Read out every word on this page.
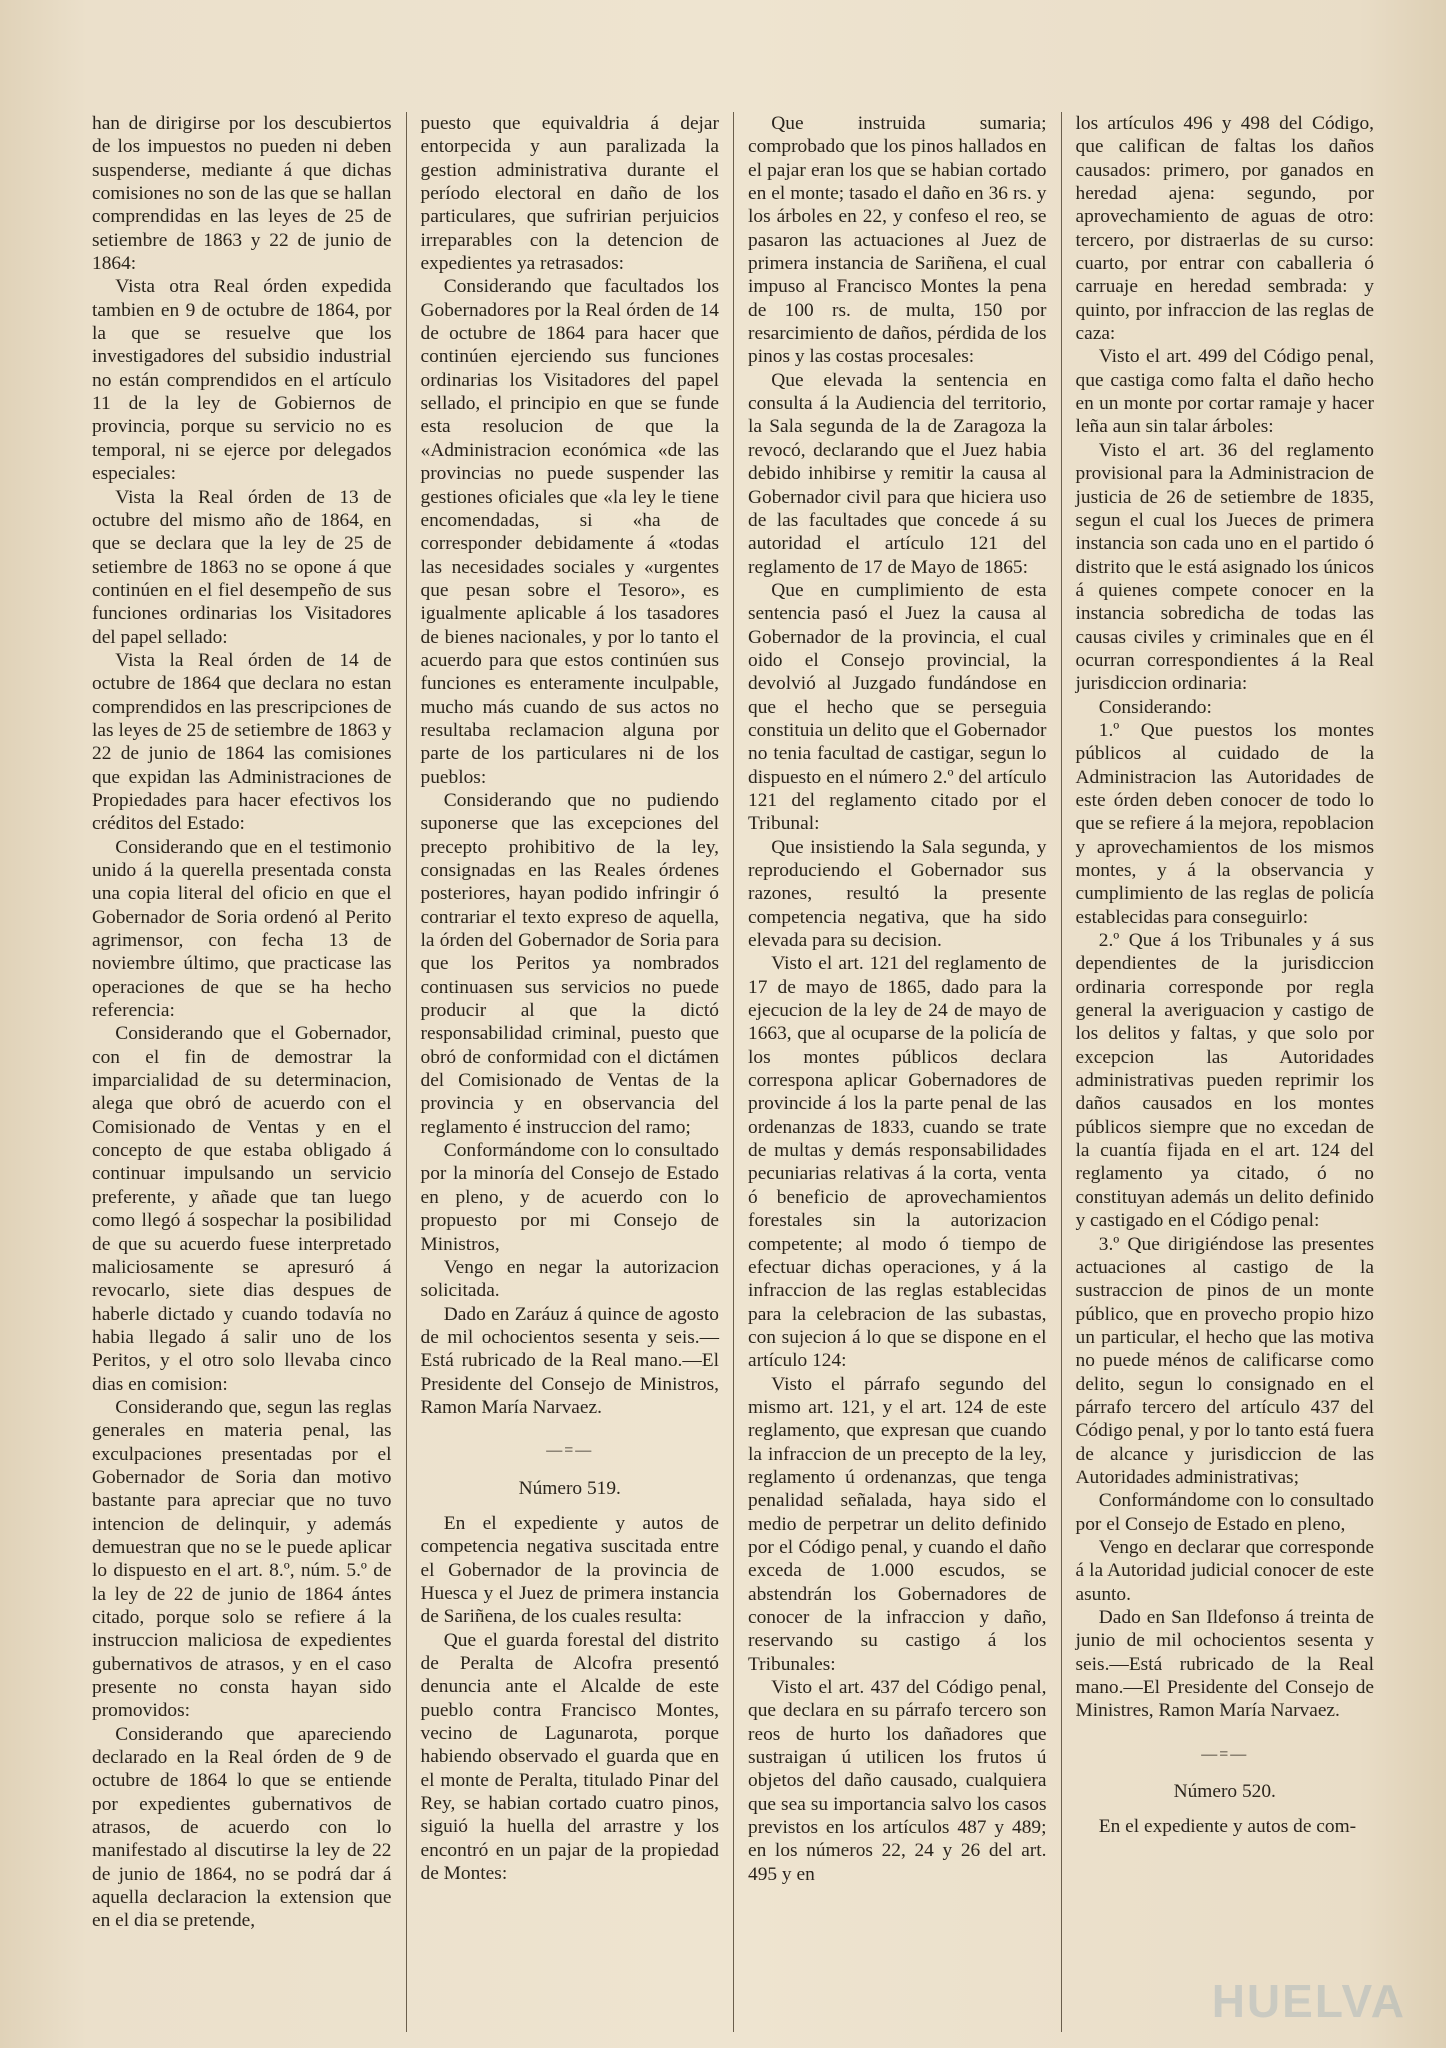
han de dirigirse por los descubiertos de los impuestos no pueden ni deben suspenderse, mediante á que dichas comisiones no son de las que se hallan comprendidas en las leyes de 25 de setiembre de 1863 y 22 de junio de 1864:

Vista otra Real órden expedida tambien en 9 de octubre de 1864, por la que se resuelve que los investigadores del subsidio industrial no están comprendidos en el artículo 11 de la ley de Gobiernos de provincia, porque su servicio no es temporal, ni se ejerce por delegados especiales:

Vista la Real órden de 13 de octubre del mismo año de 1864, en que se declara que la ley de 25 de setiembre de 1863 no se opone á que continúen en el fiel desempeño de sus funciones ordinarias los Visitadores del papel sellado:

Vista la Real órden de 14 de octubre de 1864 que declara no estan comprendidos en las prescripciones de las leyes de 25 de setiembre de 1863 y 22 de junio de 1864 las comisiones que expidan las Administraciones de Propiedades para hacer efectivos los créditos del Estado:

Considerando que en el testimonio unido á la querella presentada consta una copia literal del oficio en que el Gobernador de Soria ordenó al Perito agrimensor, con fecha 13 de noviembre último, que practicase las operaciones de que se ha hecho referencia:

Considerando que el Gobernador, con el fin de demostrar la imparcialidad de su determinacion, alega que obró de acuerdo con el Comisionado de Ventas y en el concepto de que estaba obligado á continuar impulsando un servicio preferente, y añade que tan luego como llegó á sospechar la posibilidad de que su acuerdo fuese interpretado maliciosamente se apresuró á revocarlo, siete dias despues de haberle dictado y cuando todavía no habia llegado á salir uno de los Peritos, y el otro solo llevaba cinco dias en comision:

Considerando que, segun las reglas generales en materia penal, las exculpaciones presentadas por el Gobernador de Soria dan motivo bastante para apreciar que no tuvo intencion de delinquir, y además demuestran que no se le puede aplicar lo dispuesto en el art. 8.º, núm. 5.º de la ley de 22 de junio de 1864 ántes citado, porque solo se refiere á la instruccion maliciosa de expedientes gubernativos de atrasos, y en el caso presente no consta hayan sido promovidos:

Considerando que apareciendo declarado en la Real órden de 9 de octubre de 1864 lo que se entiende por expedientes gubernativos de atrasos, de acuerdo con lo manifestado al discutirse la ley de 22 de junio de 1864, no se podrá dar á aquella declaracion la extension que en el dia se pretende,

puesto que equivaldria á dejar entorpecida y aun paralizada la gestion administrativa durante el período electoral en daño de los particulares, que sufririan perjuicios irreparables con la detencion de expedientes ya retrasados:

Considerando que facultados los Gobernadores por la Real órden de 14 de octubre de 1864 para hacer que continúen ejerciendo sus funciones ordinarias los Visitadores del papel sellado, el principio en que se funde esta resolucion de que la «Administracion económica «de las provincias no puede suspender las gestiones oficiales que «la ley le tiene encomendadas, si «ha de corresponder debidamente á «todas las necesidades sociales y «urgentes que pesan sobre el Tesoro», es igualmente aplicable á los tasadores de bienes nacionales, y por lo tanto el acuerdo para que estos continúen sus funciones es enteramente inculpable, mucho más cuando de sus actos no resultaba reclamacion alguna por parte de los particulares ni de los pueblos:

Considerando que no pudiendo suponerse que las excepciones del precepto prohibitivo de la ley, consignadas en las Reales órdenes posteriores, hayan podido infringir ó contrariar el texto expreso de aquella, la órden del Gobernador de Soria para que los Peritos ya nombrados continuasen sus servicios no puede producir al que la dictó responsabilidad criminal, puesto que obró de conformidad con el dictámen del Comisionado de Ventas de la provincia y en observancia del reglamento é instruccion del ramo;

Conformándome con lo consultado por la minoría del Consejo de Estado en pleno, y de acuerdo con lo propuesto por mi Consejo de Ministros,

Vengo en negar la autorizacion solicitada.

Dado en Zaráuz á quince de agosto de mil ochocientos sesenta y seis.—Está rubricado de la Real mano.—El Presidente del Consejo de Ministros, Ramon María Narvaez.

—=—

Número 519.

En el expediente y autos de competencia negativa suscitada entre el Gobernador de la provincia de Huesca y el Juez de primera instancia de Sariñena, de los cuales resulta:

Que el guarda forestal del distrito de Peralta de Alcofra presentó denuncia ante el Alcalde de este pueblo contra Francisco Montes, vecino de Lagunarota, porque habiendo observado el guarda que en el monte de Peralta, titulado Pinar del Rey, se habian cortado cuatro pinos, siguió la huella del arrastre y los encontró en un pajar de la propiedad de Montes:

Que instruida sumaria; comprobado que los pinos hallados en el pajar eran los que se habian cortado en el monte; tasado el daño en 36 rs. y los árboles en 22, y confeso el reo, se pasaron las actuaciones al Juez de primera instancia de Sariñena, el cual impuso al Francisco Montes la pena de 100 rs. de multa, 150 por resarcimiento de daños, pérdida de los pinos y las costas procesales:

Que elevada la sentencia en consulta á la Audiencia del territorio, la Sala segunda de la de Zaragoza la revocó, declarando que el Juez habia debido inhibirse y remitir la causa al Gobernador civil para que hiciera uso de las facultades que concede á su autoridad el artículo 121 del reglamento de 17 de Mayo de 1865:

Que en cumplimiento de esta sentencia pasó el Juez la causa al Gobernador de la provincia, el cual oido el Consejo provincial, la devolvió al Juzgado fundándose en que el hecho que se perseguia constituia un delito que el Gobernador no tenia facultad de castigar, segun lo dispuesto en el número 2.º del artículo 121 del reglamento citado por el Tribunal:

Que insistiendo la Sala segunda, y reproduciendo el Gobernador sus razones, resultó la presente competencia negativa, que ha sido elevada para su decision.

Visto el art. 121 del reglamento de 17 de mayo de 1865, dado para la ejecucion de la ley de 24 de mayo de 1663, que al ocuparse de la policía de los montes públicos declara correspona aplicar Gobernadores de provincide á los la parte penal de las ordenanzas de 1833, cuando se trate de multas y demás responsabilidades pecuniarias relativas á la corta, venta ó beneficio de aprovechamientos forestales sin la autorizacion competente; al modo ó tiempo de efectuar dichas operaciones, y á la infraccion de las reglas establecidas para la celebracion de las subastas, con sujecion á lo que se dispone en el artículo 124:

Visto el párrafo segundo del mismo art. 121, y el art. 124 de este reglamento, que expresan que cuando la infraccion de un precepto de la ley, reglamento ú ordenanzas, que tenga penalidad señalada, haya sido el medio de perpetrar un delito definido por el Código penal, y cuando el daño exceda de 1.000 escudos, se abstendrán los Gobernadores de conocer de la infraccion y daño, reservando su castigo á los Tribunales:

Visto el art. 437 del Código penal, que declara en su párrafo tercero son reos de hurto los dañadores que sustraigan ú utilicen los frutos ú objetos del daño causado, cualquiera que sea su importancia salvo los casos previstos en los artículos 487 y 489; en los números 22, 24 y 26 del art. 495 y en

los artículos 496 y 498 del Código, que califican de faltas los daños causados: primero, por ganados en heredad ajena: segundo, por aprovechamiento de aguas de otro: tercero, por distraerlas de su curso: cuarto, por entrar con caballeria ó carruaje en heredad sembrada: y quinto, por infraccion de las reglas de caza:

Visto el art. 499 del Código penal, que castiga como falta el daño hecho en un monte por cortar ramaje y hacer leña aun sin talar árboles:

Visto el art. 36 del reglamento provisional para la Administracion de justicia de 26 de setiembre de 1835, segun el cual los Jueces de primera instancia son cada uno en el partido ó distrito que le está asignado los únicos á quienes compete conocer en la instancia sobredicha de todas las causas civiles y criminales que en él ocurran correspondientes á la Real jurisdiccion ordinaria:

Considerando:

1.º Que puestos los montes públicos al cuidado de la Administracion las Autoridades de este órden deben conocer de todo lo que se refiere á la mejora, repoblacion y aprovechamientos de los mismos montes, y á la observancia y cumplimiento de las reglas de policía establecidas para conseguirlo:

2.º Que á los Tribunales y á sus dependientes de la jurisdiccion ordinaria corresponde por regla general la averiguacion y castigo de los delitos y faltas, y que solo por excepcion las Autoridades administrativas pueden reprimir los daños causados en los montes públicos siempre que no excedan de la cuantía fijada en el art. 124 del reglamento ya citado, ó no constituyan además un delito definido y castigado en el Código penal:

3.º Que dirigiéndose las presentes actuaciones al castigo de la sustraccion de pinos de un monte público, que en provecho propio hizo un particular, el hecho que las motiva no puede ménos de calificarse como delito, segun lo consignado en el párrafo tercero del artículo 437 del Código penal, y por lo tanto está fuera de alcance y jurisdiccion de las Autoridades administrativas;

Conformándome con lo consultado por el Consejo de Estado en pleno,

Vengo en declarar que corresponde á la Autoridad judicial conocer de este asunto.

Dado en San Ildefonso á treinta de junio de mil ochocientos sesenta y seis.—Está rubricado de la Real mano.—El Presidente del Consejo de Ministres, Ramon María Narvaez.

—=—

Número 520.

En el expediente y autos de com-

HUELVA
